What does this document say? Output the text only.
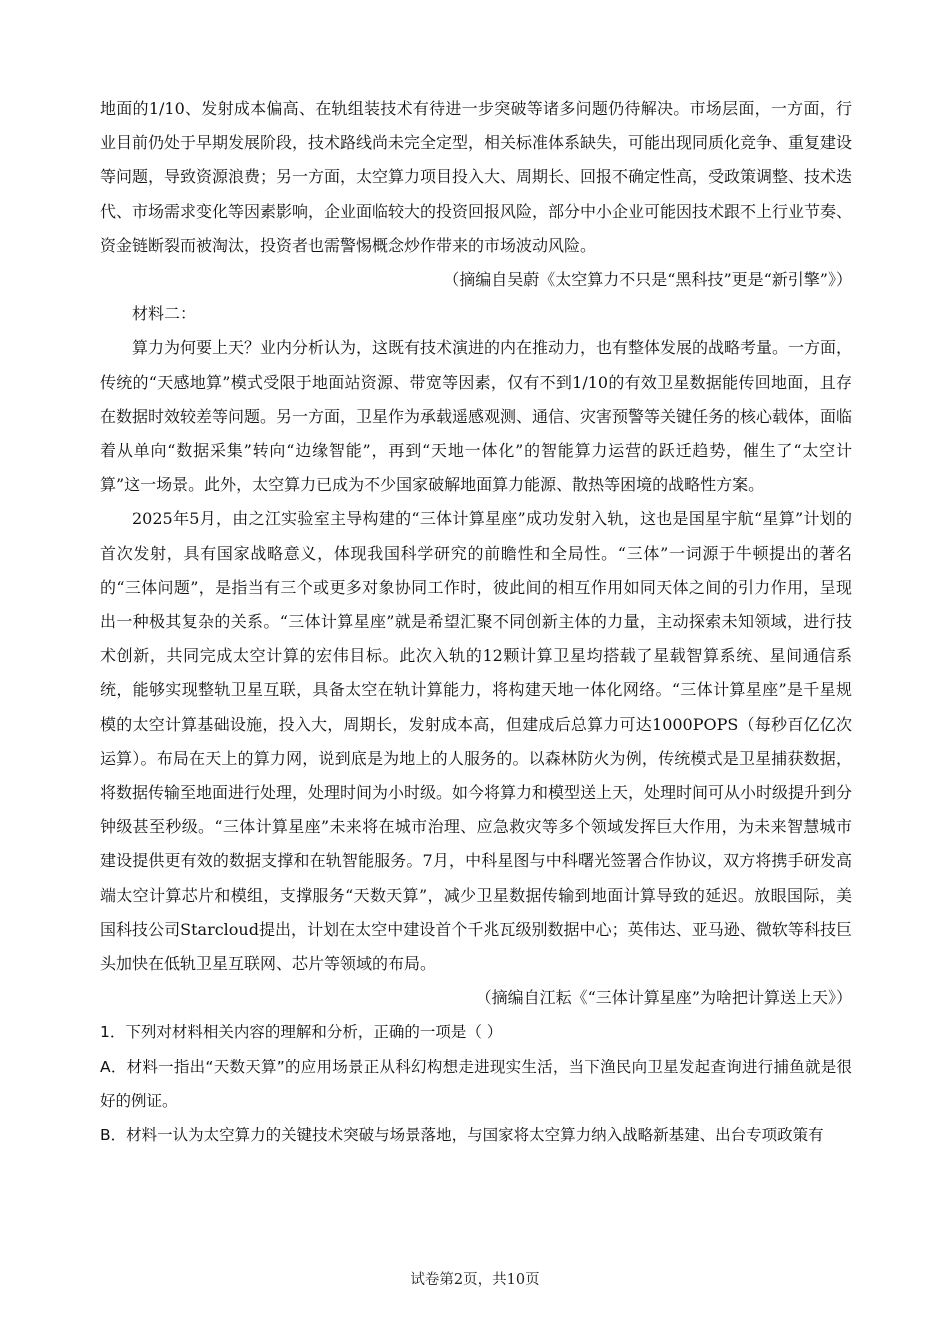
地面的1/10、发射成本偏高、在轨组装技术有待进一步突破等诸多问题仍待解决。市场层面，一方面，行业目前仍处于早期发展阶段，技术路线尚未完全定型，相关标准体系缺失，可能出现同质化竞争、重复建设等问题，导致资源浪费；另一方面，太空算力项目投入大、周期长、回报不确定性高，受政策调整、技术迭代、市场需求变化等因素影响，企业面临较大的投资回报风险，部分中小企业可能因技术跟不上行业节奏、资金链断裂而被淘汰，投资者也需警惕概念炒作带来的市场波动风险。

（摘编自吴蔚《太空算力不只是“黑科技”更是“新引擎”》）

材料二：

算力为何要上天？业内分析认为，这既有技术演进的内在推动力，也有整体发展的战略考量。一方面，传统的“天感地算”模式受限于地面站资源、带宽等因素，仅有不到1/10的有效卫星数据能传回地面，且存在数据时效较差等问题。另一方面，卫星作为承载遥感观测、通信、灾害预警等关键任务的核心载体，面临着从单向“数据采集”转向“边缘智能”，再到“天地一体化”的智能算力运营的跃迁趋势，催生了“太空计算”这一场景。此外，太空算力已成为不少国家破解地面算力能源、散热等困境的战略性方案。

2025年5月，由之江实验室主导构建的“三体计算星座”成功发射入轨，这也是国星宇航“星算”计划的首次发射，具有国家战略意义，体现我国科学研究的前瞻性和全局性。“三体”一词源于牛顿提出的著名的“三体问题”，是指当有三个或更多对象协同工作时，彼此间的相互作用如同天体之间的引力作用，呈现出一种极其复杂的关系。“三体计算星座”就是希望汇聚不同创新主体的力量，主动探索未知领域，进行技术创新，共同完成太空计算的宏伟目标。此次入轨的12颗计算卫星均搭载了星载智算系统、星间通信系统，能够实现整轨卫星互联，具备太空在轨计算能力，将构建天地一体化网络。“三体计算星座”是千星规模的太空计算基础设施，投入大，周期长，发射成本高，但建成后总算力可达1000POPS（每秒百亿亿次运算）。布局在天上的算力网，说到底是为地上的人服务的。以森林防火为例，传统模式是卫星捕获数据，将数据传输至地面进行处理，处理时间为小时级。如今将算力和模型送上天，处理时间可从小时级提升到分钟级甚至秒级。“三体计算星座”未来将在城市治理、应急救灾等多个领域发挥巨大作用，为未来智慧城市建设提供更有效的数据支撑和在轨智能服务。7月，中科星图与中科曙光签署合作协议，双方将携手研发高端太空计算芯片和模组，支撑服务“天数天算”，减少卫星数据传输到地面计算导致的延迟。放眼国际，美国科技公司Starcloud提出，计划在太空中建设首个千兆瓦级别数据中心；英伟达、亚马逊、微软等科技巨头加快在低轨卫星互联网、芯片等领域的布局。

（摘编自江耘《“三体计算星座”为啥把计算送上天》）

1．下列对材料相关内容的理解和分析，正确的一项是（ ）

A．材料一指出“天数天算”的应用场景正从科幻构想走进现实生活，当下渔民向卫星发起查询进行捕鱼就是很好的例证。

B．材料一认为太空算力的关键技术突破与场景落地，与国家将太空算力纳入战略新基建、出台专项政策有

试卷第2页，共10页
